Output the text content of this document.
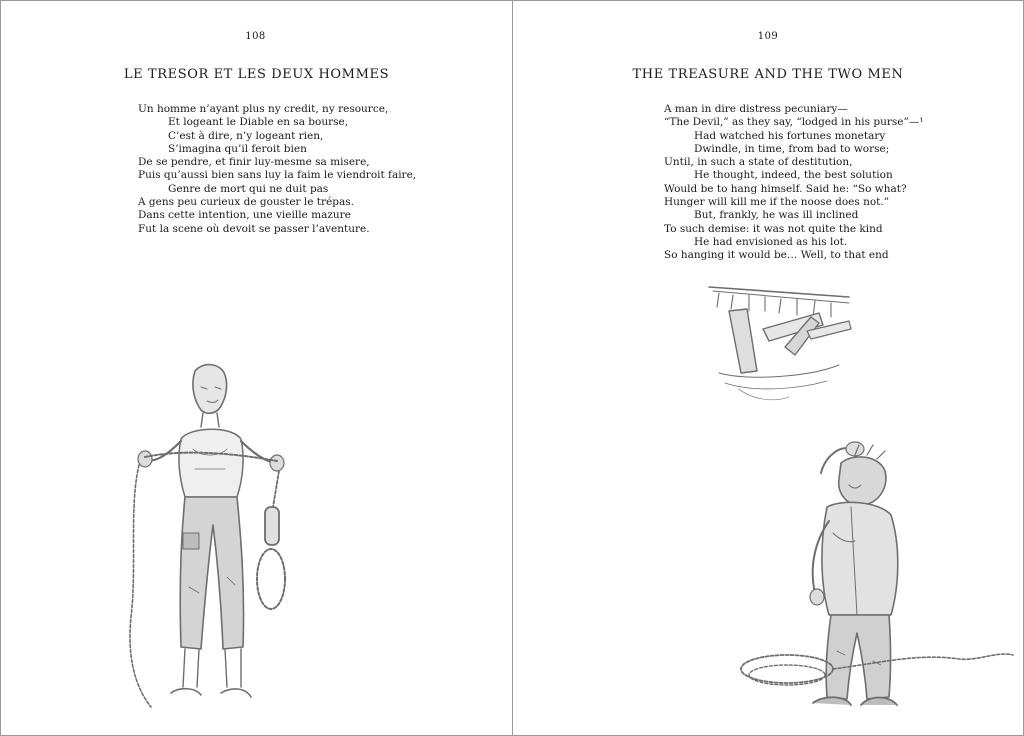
108
LE TRESOR ET LES DEUX HOMMES
Un homme n’ayant plus ny credit, ny resource,
Et logeant le Diable en sa bourse,
C’est à dire, n’y logeant rien,
S’imagina qu’il feroit bien
De se pendre, et finir luy-mesme sa misere,
Puis qu’aussi bien sans luy la faim le viendroit faire,
Genre de mort qui ne duit pas
A gens peu curieux de gouster le trépas.
Dans cette intention, une vieille mazure
Fut la scene où devoit se passer l’aventure.
109
THE TREASURE AND THE TWO MEN
A man in dire distress pecuniary—
“The Devil,” as they say, “lodged in his purse”—¹
Had watched his fortunes monetary
Dwindle, in time, from bad to worse;
Until, in such a state of destitution,
He thought, indeed, the best solution
Would be to hang himself. Said he: “So what?
Hunger will kill me if the noose does not.”
But, frankly, he was ill inclined
To such demise: it was not quite the kind
He had envisioned as his lot.
So hanging it would be… Well, to that end
